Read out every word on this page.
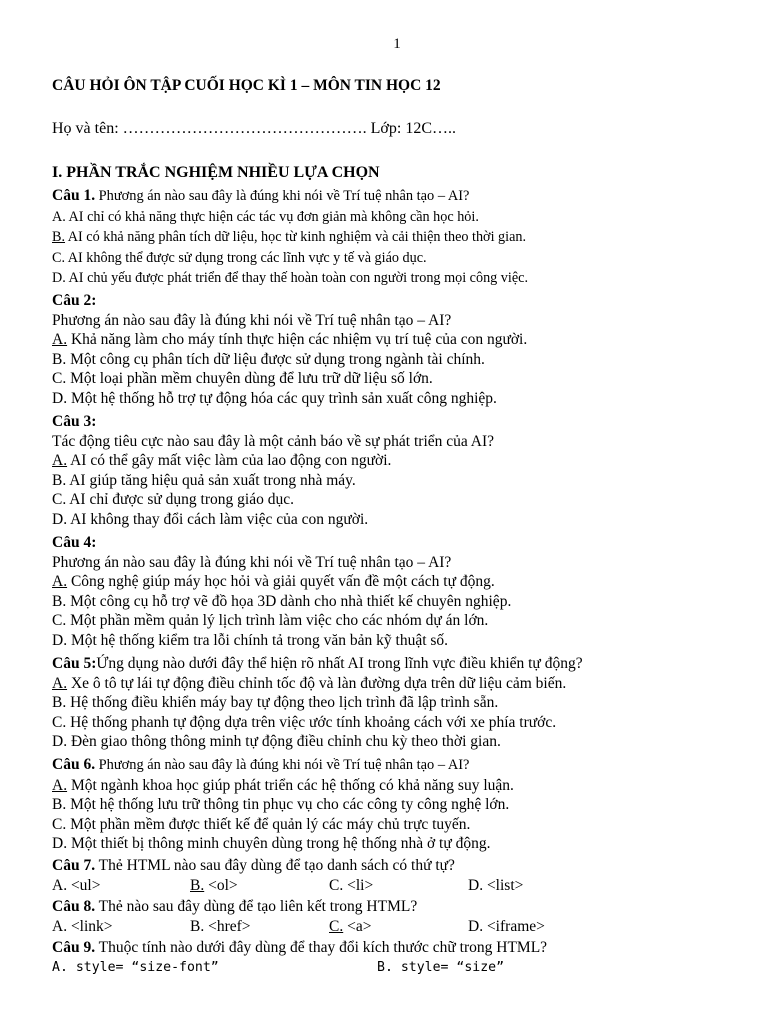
1
CÂU HỎI ÔN TẬP CUỐI HỌC KÌ 1 – MÔN TIN HỌC 12
Họ và tên: ………………………………………. Lớp: 12C…..
I. PHẦN TRẮC NGHIỆM NHIỀU LỰA CHỌN
Câu 1. Phương án nào sau đây là đúng khi nói về Trí tuệ nhân tạo – AI?
A. AI chỉ có khả năng thực hiện các tác vụ đơn giản mà không cần học hỏi.
B. AI có khả năng phân tích dữ liệu, học từ kinh nghiệm và cải thiện theo thời gian.
C. AI không thể được sử dụng trong các lĩnh vực y tế và giáo dục.
D. AI chủ yếu được phát triển để thay thế hoàn toàn con người trong mọi công việc.
Câu 2:
Phương án nào sau đây là đúng khi nói về Trí tuệ nhân tạo – AI?
A. Khả năng làm cho máy tính thực hiện các nhiệm vụ trí tuệ của con người.
B. Một công cụ phân tích dữ liệu được sử dụng trong ngành tài chính.
C. Một loại phần mềm chuyên dùng để lưu trữ dữ liệu số lớn.
D. Một hệ thống hỗ trợ tự động hóa các quy trình sản xuất công nghiệp.
Câu 3:
Tác động tiêu cực nào sau đây là một cảnh báo về sự phát triển của AI?
A. AI có thể gây mất việc làm của lao động con người.
B. AI giúp tăng hiệu quả sản xuất trong nhà máy.
C. AI chỉ được sử dụng trong giáo dục.
D. AI không thay đổi cách làm việc của con người.
Câu 4:
Phương án nào sau đây là đúng khi nói về Trí tuệ nhân tạo – AI?
A. Công nghệ giúp máy học hỏi và giải quyết vấn đề một cách tự động.
B. Một công cụ hỗ trợ vẽ đồ họa 3D dành cho nhà thiết kế chuyên nghiệp.
C. Một phần mềm quản lý lịch trình làm việc cho các nhóm dự án lớn.
D. Một hệ thống kiểm tra lỗi chính tả trong văn bản kỹ thuật số.
Câu 5:Ứng dụng nào dưới đây thể hiện rõ nhất AI trong lĩnh vực điều khiển tự động?
A. Xe ô tô tự lái tự động điều chỉnh tốc độ và làn đường dựa trên dữ liệu cảm biến.
B. Hệ thống điều khiển máy bay tự động theo lịch trình đã lập trình sẵn.
C. Hệ thống phanh tự động dựa trên việc ước tính khoảng cách với xe phía trước.
D. Đèn giao thông thông minh tự động điều chỉnh chu kỳ theo thời gian.
Câu 6. Phương án nào sau đây là đúng khi nói về Trí tuệ nhân tạo – AI?
A. Một ngành khoa học giúp phát triển các hệ thống có khả năng suy luận.
B. Một hệ thống lưu trữ thông tin phục vụ cho các công ty công nghệ lớn.
C. Một phần mềm được thiết kế để quản lý các máy chủ trực tuyến.
D. Một thiết bị thông minh chuyên dùng trong hệ thống nhà ở tự động.
Câu 7. Thẻ HTML nào sau đây dùng để tạo danh sách có thứ tự?
A. <ul>	B. <ol>	C. <li>	D. <list>
Câu 8. Thẻ nào sau đây dùng để tạo liên kết trong HTML?
A. <link>	B. <href>	C. <a>	D. <iframe>
Câu 9. Thuộc tính nào dưới đây dùng để thay đổi kích thước chữ trong HTML?
A. style= “size-font”	B. style= “size”
